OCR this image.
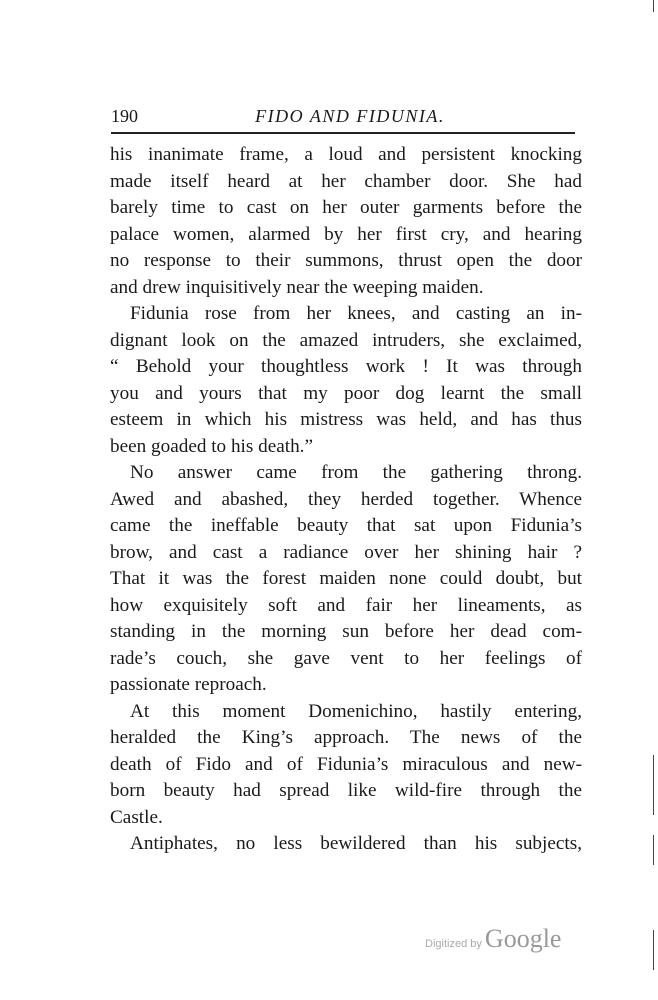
190	FIDO AND FIDUNIA.
his inanimate frame, a loud and persistent knocking
made itself heard at her chamber door. She had
barely time to cast on her outer garments before the
palace women, alarmed by her first cry, and hearing
no response to their summons, thrust open the door
and drew inquisitively near the weeping maiden.
Fidunia rose from her knees, and casting an in-
dignant look on the amazed intruders, she exclaimed,
“ Behold your thoughtless work ! It was through
you and yours that my poor dog learnt the small
esteem in which his mistress was held, and has thus
been goaded to his death.”
No answer came from the gathering throng.
Awed and abashed, they herded together. Whence
came the ineffable beauty that sat upon Fidunia’s
brow, and cast a radiance over her shining hair ?
That it was the forest maiden none could doubt, but
how exquisitely soft and fair her lineaments, as
standing in the morning sun before her dead com-
rade’s couch, she gave vent to her feelings of
passionate reproach.
At this moment Domenichino, hastily entering,
heralded the King’s approach. The news of the
death of Fido and of Fidunia’s miraculous and new-
born beauty had spread like wild-fire through the
Castle.
Antiphates, no less bewildered than his subjects,
Digitized by Google
